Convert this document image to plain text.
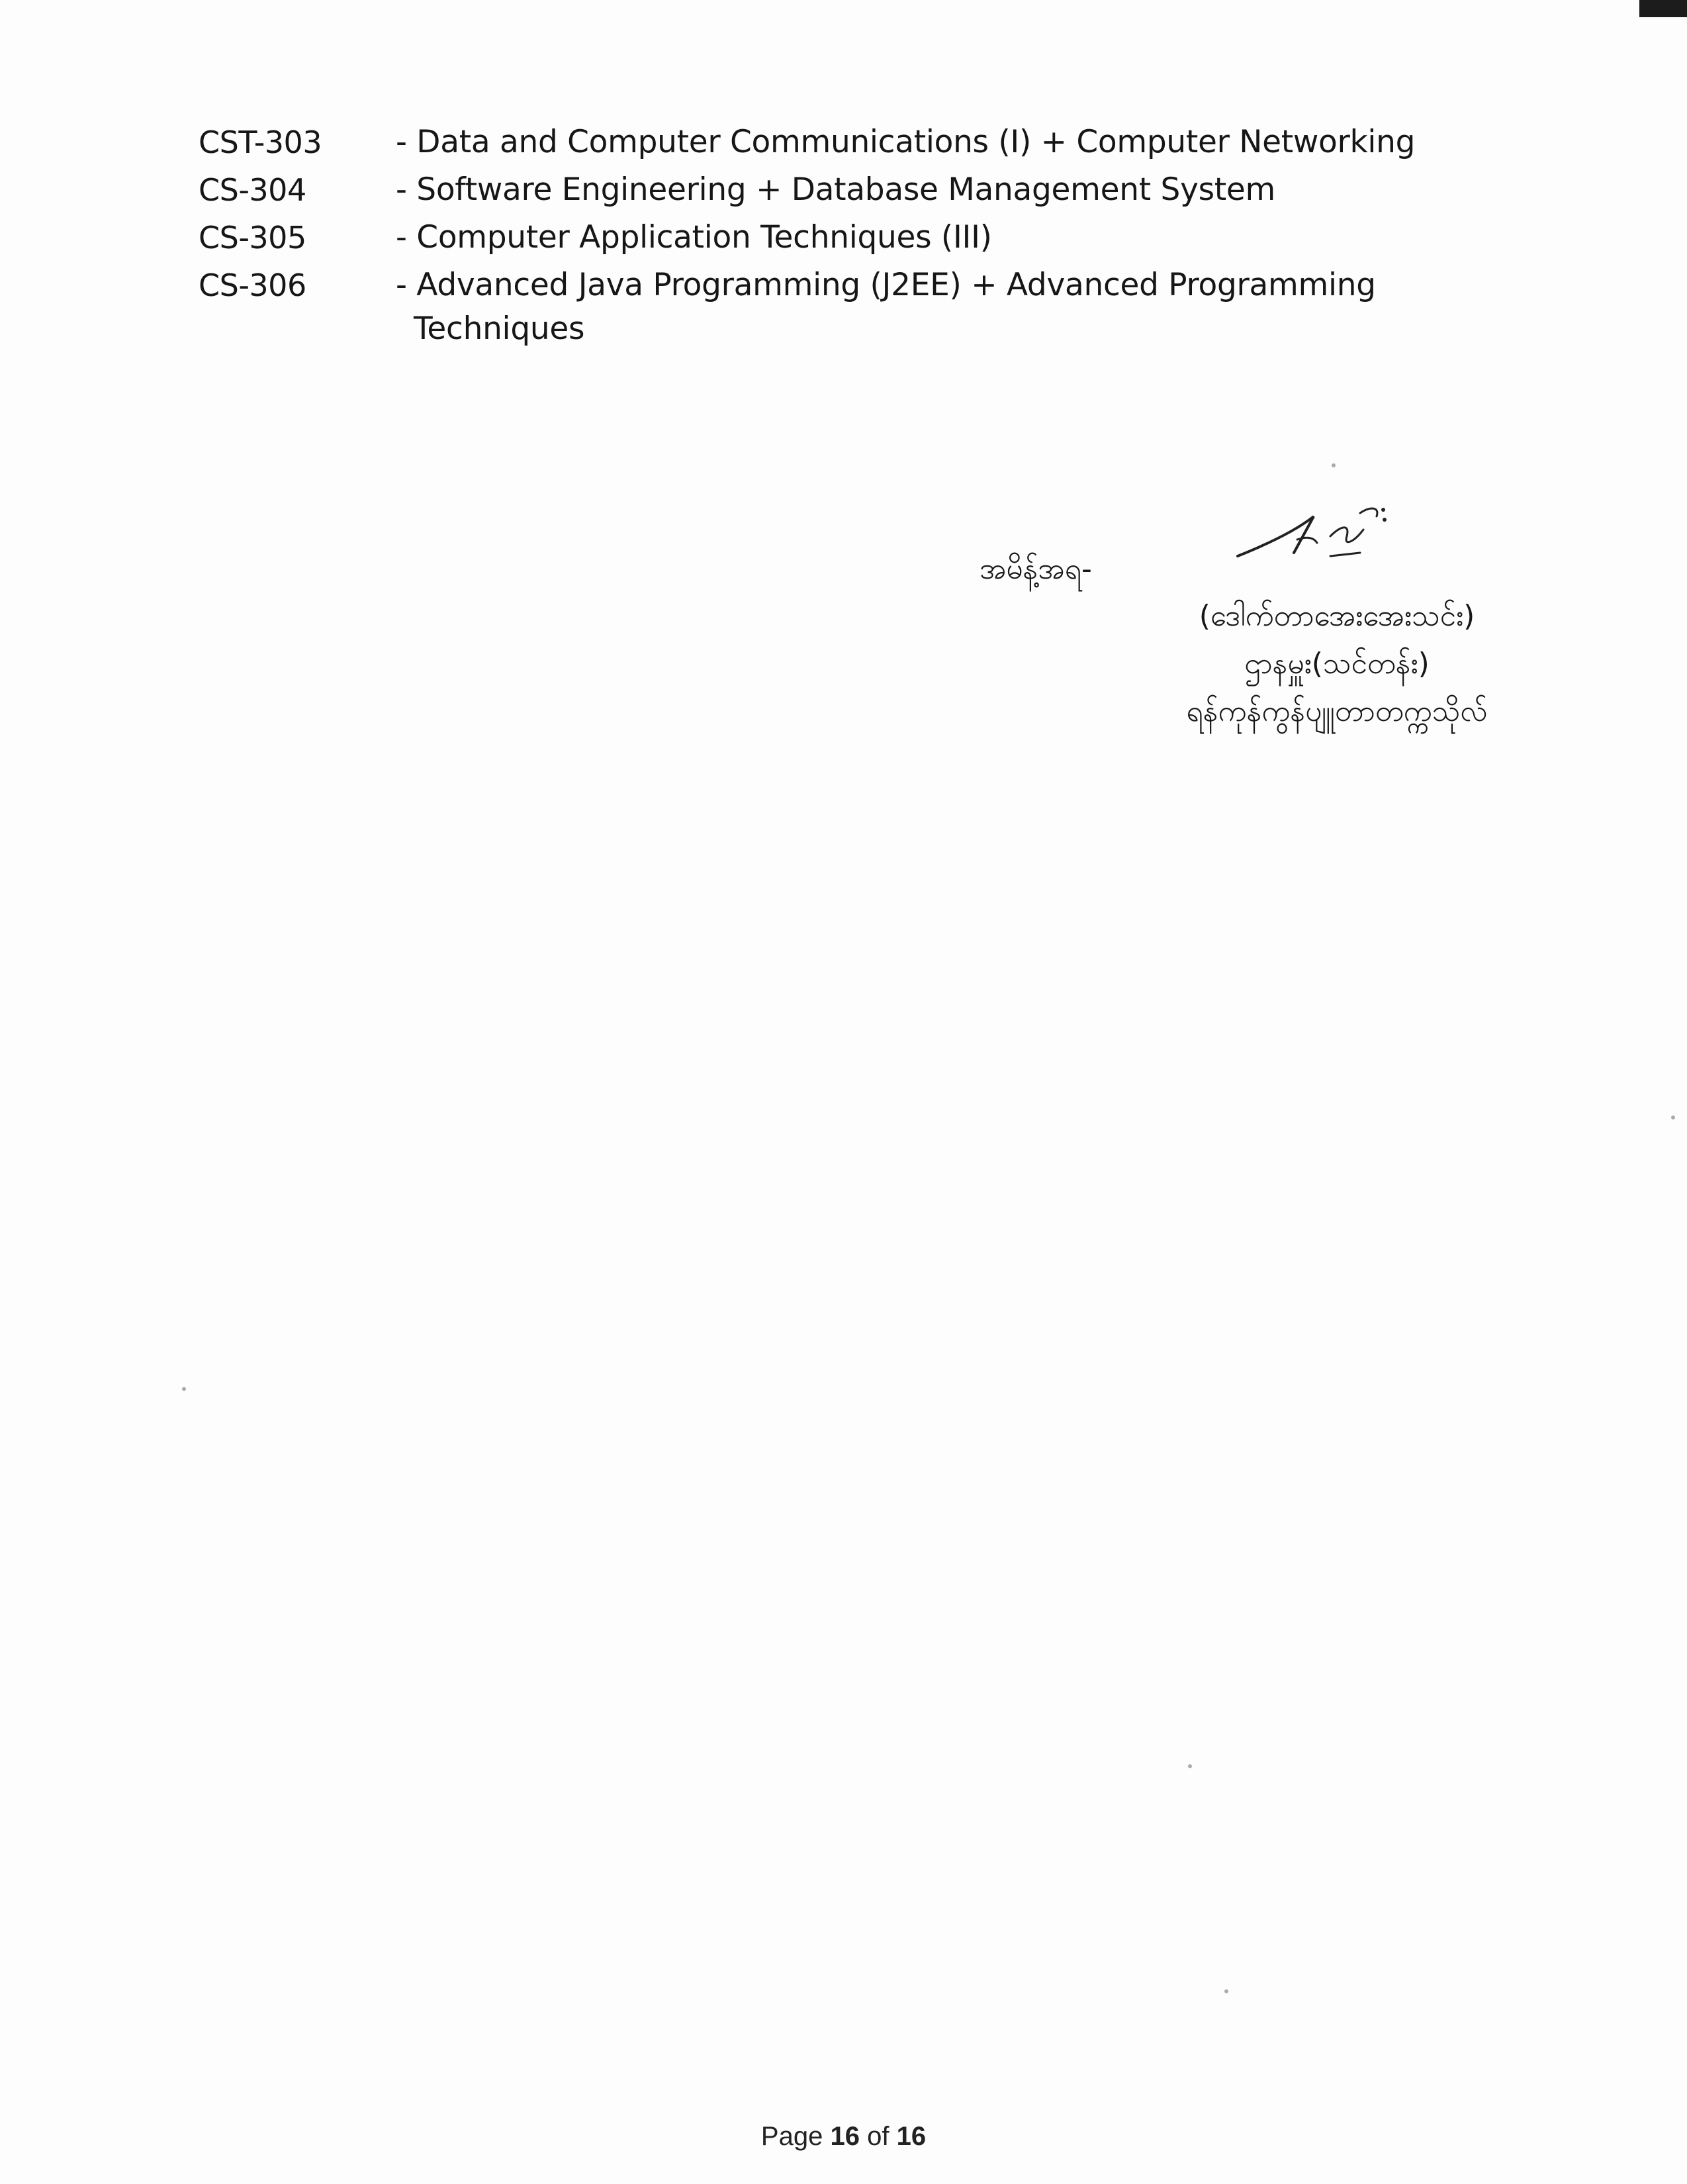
CST-303	- Data and Computer Communications (I) + Computer Networking
CS-304	- Software Engineering + Database Management System
CS-305	- Computer Application Techniques (III)
CS-306	- Advanced Java Programming (J2EE) + Advanced Programming
Techniques
အမိန့်အရ-
(ဒေါက်တာအေးအေးသင်း)
ဌာနမှူး(သင်တန်း)
ရန်ကုန်ကွန်ပျူတာတက္ကသိုလ်
Page 16 of 16
